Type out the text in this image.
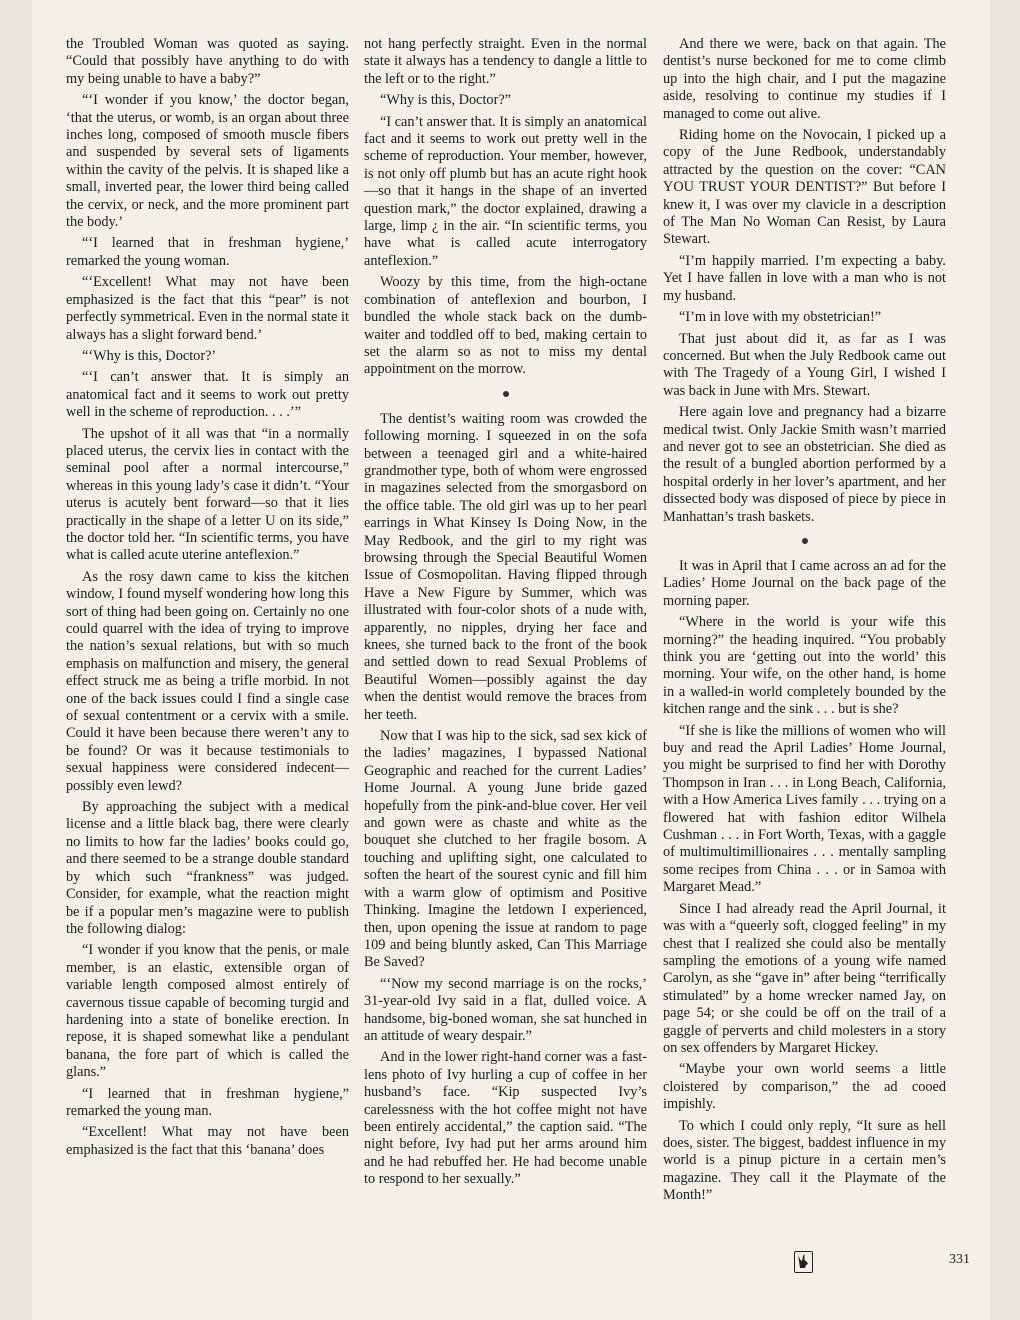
the Troubled Woman was quoted as saying. “Could that possibly have anything to do with my being unable to have a baby?”

“‘I wonder if you know,’ the doctor began, ‘that the uterus, or womb, is an organ about three inches long, composed of smooth muscle fibers and suspended by several sets of ligaments within the cavity of the pelvis. It is shaped like a small, inverted pear, the lower third being called the cervix, or neck, and the more prominent part the body.’

“‘I learned that in freshman hygiene,’ remarked the young woman.

“‘Excellent! What may not have been emphasized is the fact that this “pear” is not perfectly symmetrical. Even in the normal state it always has a slight forward bend.’

“‘Why is this, Doctor?’

“‘I can’t answer that. It is simply an anatomical fact and it seems to work out pretty well in the scheme of reproduction. . . .’”

The upshot of it all was that “in a normally placed uterus, the cervix lies in contact with the seminal pool after a normal intercourse,” whereas in this young lady’s case it didn’t. “Your uterus is acutely bent forward—so that it lies practically in the shape of a letter U on its side,” the doctor told her. “In scientific terms, you have what is called acute uterine anteflexion.”

As the rosy dawn came to kiss the kitchen window, I found myself wondering how long this sort of thing had been going on. Certainly no one could quarrel with the idea of trying to improve the nation’s sexual relations, but with so much emphasis on malfunction and misery, the general effect struck me as being a trifle morbid. In not one of the back issues could I find a single case of sexual contentment or a cervix with a smile. Could it have been because there weren’t any to be found? Or was it because testimonials to sexual happiness were considered indecent—possibly even lewd?

By approaching the subject with a medical license and a little black bag, there were clearly no limits to how far the ladies’ books could go, and there seemed to be a strange double standard by which such “frankness” was judged. Consider, for example, what the reaction might be if a popular men’s magazine were to publish the following dialog:

“I wonder if you know that the penis, or male member, is an elastic, extensible organ of variable length composed almost entirely of cavernous tissue capable of becoming turgid and hardening into a state of bonelike erection. In repose, it is shaped somewhat like a pendulant banana, the fore part of which is called the glans.”

“I learned that in freshman hygiene,” remarked the young man.

“Excellent! What may not have been emphasized is the fact that this ‘banana’ does

not hang perfectly straight. Even in the normal state it always has a tendency to dangle a little to the left or to the right.”

“Why is this, Doctor?”

“I can’t answer that. It is simply an anatomical fact and it seems to work out pretty well in the scheme of reproduction. Your member, however, is not only off plumb but has an acute right hook—so that it hangs in the shape of an inverted question mark,” the doctor explained, drawing a large, limp ¿ in the air. “In scientific terms, you have what is called acute interrogatory anteflexion.”

Woozy by this time, from the high-octane combination of anteflexion and bourbon, I bundled the whole stack back on the dumb-waiter and toddled off to bed, making certain to set the alarm so as not to miss my dental appointment on the morrow.

The dentist’s waiting room was crowded the following morning. I squeezed in on the sofa between a teenaged girl and a white-haired grandmother type, both of whom were engrossed in magazines selected from the smorgasbord on the office table. The old girl was up to her pearl earrings in What Kinsey Is Doing Now, in the May Redbook, and the girl to my right was browsing through the Special Beautiful Women Issue of Cosmopolitan. Having flipped through Have a New Figure by Summer, which was illustrated with four-color shots of a nude with, apparently, no nipples, drying her face and knees, she turned back to the front of the book and settled down to read Sexual Problems of Beautiful Women—possibly against the day when the dentist would remove the braces from her teeth.

Now that I was hip to the sick, sad sex kick of the ladies’ magazines, I bypassed National Geographic and reached for the current Ladies’ Home Journal. A young June bride gazed hopefully from the pink-and-blue cover. Her veil and gown were as chaste and white as the bouquet she clutched to her fragile bosom. A touching and uplifting sight, one calculated to soften the heart of the sourest cynic and fill him with a warm glow of optimism and Positive Thinking. Imagine the letdown I experienced, then, upon opening the issue at random to page 109 and being bluntly asked, Can This Marriage Be Saved?

“‘Now my second marriage is on the rocks,’ 31-year-old Ivy said in a flat, dulled voice. A handsome, big-boned woman, she sat hunched in an attitude of weary despair.”

And in the lower right-hand corner was a fast-lens photo of Ivy hurling a cup of coffee in her husband’s face. “Kip suspected Ivy’s carelessness with the hot coffee might not have been entirely accidental,” the caption said. “The night before, Ivy had put her arms around him and he had rebuffed her. He had become unable to respond to her sexually.”

And there we were, back on that again. The dentist’s nurse beckoned for me to come climb up into the high chair, and I put the magazine aside, resolving to continue my studies if I managed to come out alive.

Riding home on the Novocain, I picked up a copy of the June Redbook, understandably attracted by the question on the cover: “CAN YOU TRUST YOUR DENTIST?” But before I knew it, I was over my clavicle in a description of The Man No Woman Can Resist, by Laura Stewart.

“I’m happily married. I’m expecting a baby. Yet I have fallen in love with a man who is not my husband.

“I’m in love with my obstetrician!”

That just about did it, as far as I was concerned. But when the July Redbook came out with The Tragedy of a Young Girl, I wished I was back in June with Mrs. Stewart.

Here again love and pregnancy had a bizarre medical twist. Only Jackie Smith wasn’t married and never got to see an obstetrician. She died as the result of a bungled abortion performed by a hospital orderly in her lover’s apartment, and her dissected body was disposed of piece by piece in Manhattan’s trash baskets.

It was in April that I came across an ad for the Ladies’ Home Journal on the back page of the morning paper.

“Where in the world is your wife this morning?” the heading inquired. “You probably think you are ‘getting out into the world’ this morning. Your wife, on the other hand, is home in a walled-in world completely bounded by the kitchen range and the sink . . . but is she?

“If she is like the millions of women who will buy and read the April Ladies’ Home Journal, you might be surprised to find her with Dorothy Thompson in Iran . . . in Long Beach, California, with a How America Lives family . . . trying on a flowered hat with fashion editor Wilhela Cushman . . . in Fort Worth, Texas, with a gaggle of multimultimillionaires . . . mentally sampling some recipes from China . . . or in Samoa with Margaret Mead.”

Since I had already read the April Journal, it was with a “queerly soft, clogged feeling” in my chest that I realized she could also be mentally sampling the emotions of a young wife named Carolyn, as she “gave in” after being “terrifically stimulated” by a home wrecker named Jay, on page 54; or she could be off on the trail of a gaggle of perverts and child molesters in a story on sex offenders by Margaret Hickey.

“Maybe your own world seems a little cloistered by comparison,” the ad cooed impishly.

To which I could only reply, “It sure as hell does, sister. The biggest, baddest influence in my world is a pinup picture in a certain men’s magazine. They call it the Playmate of the Month!”

331
